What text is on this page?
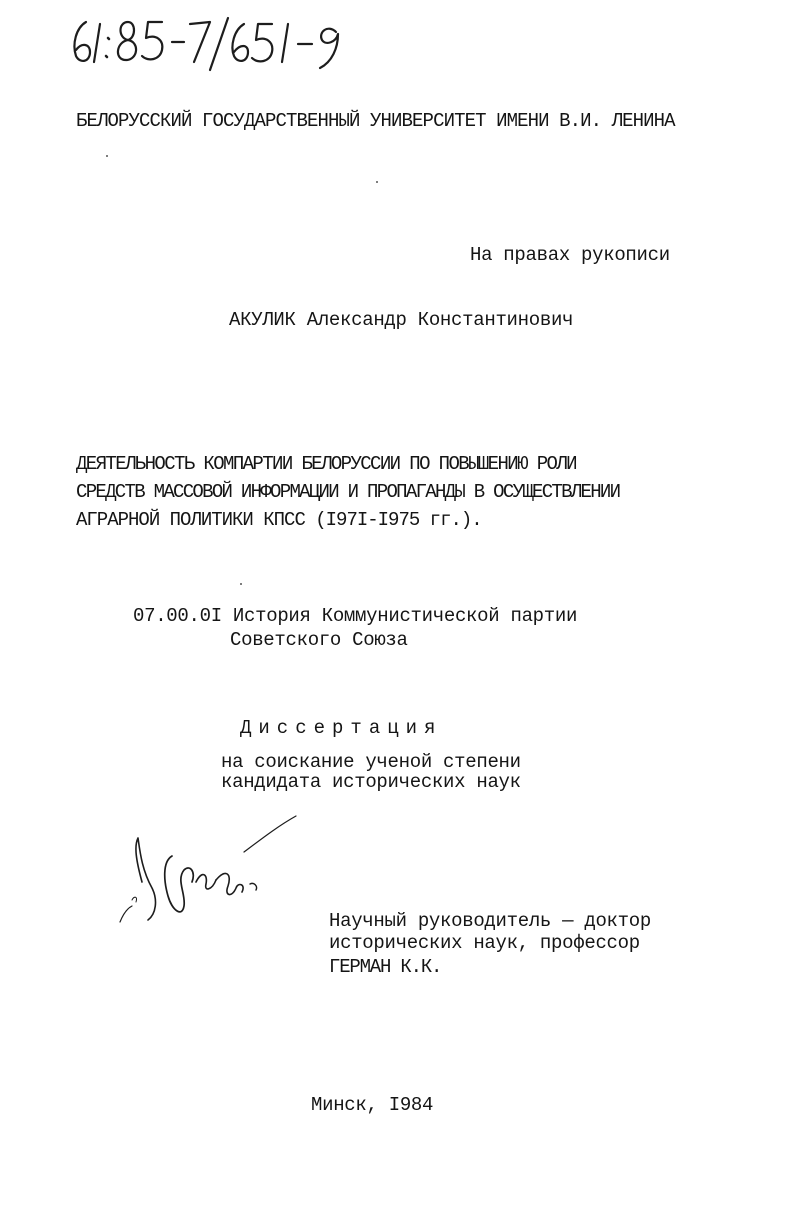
БЕЛОРУССКИЙ ГОСУДАРСТВЕННЫЙ УНИВЕРСИТЕТ ИМЕНИ В.И. ЛЕНИНА
На правах рукописи
АКУЛИК Александр Константинович
ДЕЯТЕЛЬНОСТЬ КОМПАРТИИ БЕЛОРУССИИ ПО ПОВЫШЕНИЮ РОЛИ
СРЕДСТВ МАССОВОЙ ИНФОРМАЦИИ И ПРОПАГАНДЫ В ОСУЩЕСТВЛЕНИИ
АГРАРНОЙ ПОЛИТИКИ КПСС (I97I-I975 гг.).
07.00.0I История Коммунистической партии
Советского Союза
Диссертация
на соискание ученой степени
кандидата исторических наук
Научный руководитель — доктор
исторических наук, профессор
ГЕРМАН К.К.
Минск, I984
